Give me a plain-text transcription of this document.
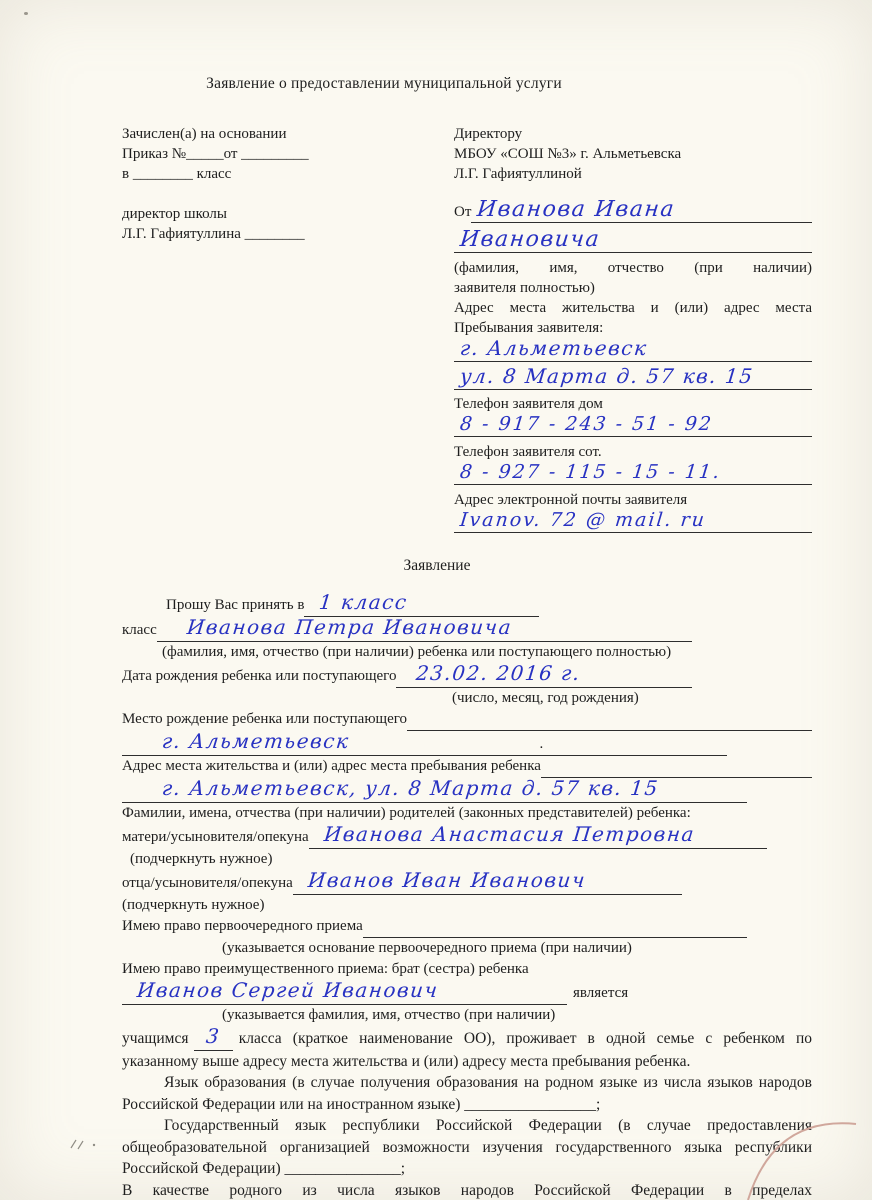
Заявление о предоставлении муниципальной услуги
Зачислен(а) на основании
Приказ №_____от _________
в ________ класс
директор школы
Л.Г. Гафиятуллина ________
Директору
МБОУ «СОШ №3» г. Альметьевска
Л.Г. Гафиятуллиной
От Иванова Ивана
Ивановича
(фамилия, имя, отчество (при наличии)
заявителя полностью)
Адрес места жительства и (или) адрес места
Пребывания заявителя:
г. Альметьевск
ул. 8 Марта д. 57 кв. 15
Телефон заявителя дом
8 - 917 - 243 - 51 - 92
Телефон заявителя сот.
8 - 927 - 115 - 15 - 11.
Адрес электронной почты заявителя
Ivanov. 72 @ mail. ru
Заявление
Прошу Вас принять в 1 класс
класс	Иванова Петра Ивановича
(фамилия, имя, отчество (при наличии) ребенка или поступающего полностью)
Дата рождения ребенка или поступающего 23.02. 2016 г.
(число, месяц, год рождения)
Место рождение ребенка или поступающего
г. Альметьевск	.
Адрес места жительства и (или) адрес места пребывания ребенка
г. Альметьевск, ул. 8 Марта д. 57 кв. 15
Фамилии, имена, отчества (при наличии) родителей (законных представителей) ребенка:
матери/усыновителя/опекуна Иванова Анастасия Петровна
(подчеркнуть нужное)
отца/усыновителя/опекуна Иванов Иван Иванович
(подчеркнуть нужное)
Имею право первоочередного приема
(указывается основание первоочередного приема (при наличии)
Имею право преимущественного приема: брат (сестра) ребенка
Иванов Сергей Иванович	является
(указывается фамилия, имя, отчество (при наличии)
учащимся 3 класса (краткое наименование ОО), проживает в одной семье с ребенком по указанному выше адресу места жительства и (или) адресу места пребывания ребенка.
Язык образования (в случае получения образования на родном языке из числа языков народов Российской Федерации или на иностранном языке) _________________;
Государственный язык республики Российской Федерации (в случае предоставления общеобразовательной организацией возможности изучения государственного языка республики Российской Федерации) _______________;
В качестве родного из числа языков народов Российской Федерации в пределах
